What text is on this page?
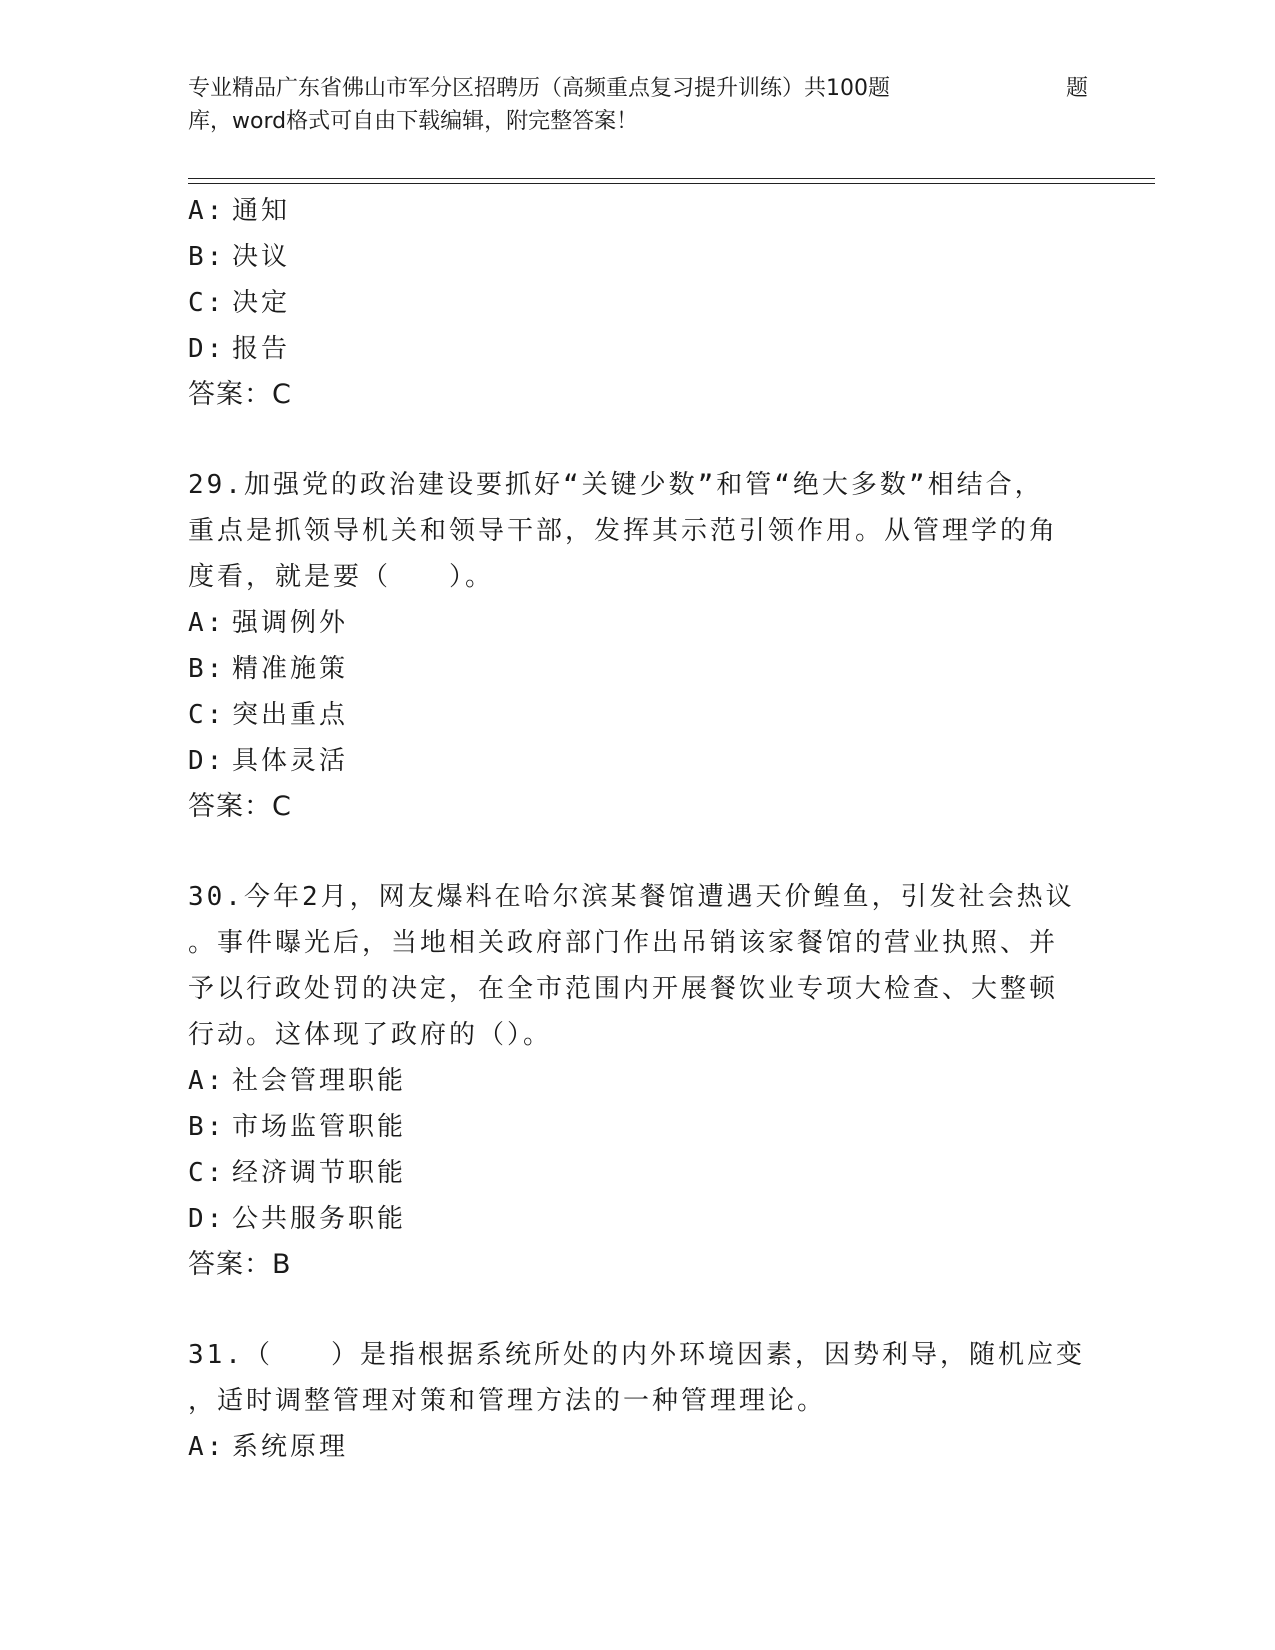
专业精品广东省佛山市军分区招聘历（高频重点复习提升训练）共100题	题
库，word格式可自由下载编辑，附完整答案！
A: 通知
B: 决议
C: 决定
D: 报告
答案：C
29.加强党的政治建设要抓好“关键少数”和管“绝大多数”相结合，
重点是抓领导机关和领导干部，发挥其示范引领作用。从管理学的角
度看，就是要（　　）。
A: 强调例外
B: 精准施策
C: 突出重点
D: 具体灵活
答案：C
30.今年2月，网友爆料在哈尔滨某餐馆遭遇天价鳇鱼，引发社会热议
。事件曝光后，当地相关政府部门作出吊销该家餐馆的营业执照、并
予以行政处罚的决定，在全市范围内开展餐饮业专项大检查、大整顿
行动。这体现了政府的（）。
A: 社会管理职能
B: 市场监管职能
C: 经济调节职能
D: 公共服务职能
答案：B
31.（　　）是指根据系统所处的内外环境因素，因势利导，随机应变
，适时调整管理对策和管理方法的一种管理理论。
A: 系统原理
